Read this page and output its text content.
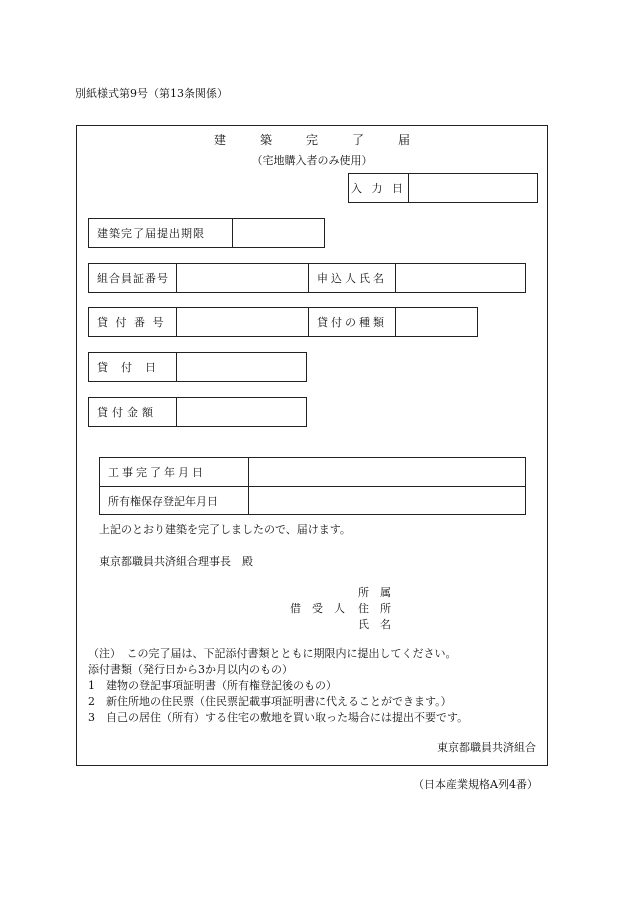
別紙様式第9号（第13条関係）
建	築	完	了	届
（宅地購入者のみ使用）
入 力 日
建築完了届提出期限
組合員証番号	申込人氏名
貸 付 番 号	貸付の種類
貸　付　日
貸付金額
工事完了年月日
所有権保存登記年月日
上記のとおり建築を完了しましたので、届けます。
東京都職員共済組合理事長　殿
所　属
借　受　人 住　所
氏　名
（注）　この完了届は、下記添付書類とともに期限内に提出してください。
添付書類（発行日から3か月以内のもの）
1　建物の登記事項証明書（所有権登記後のもの）
2　新住所地の住民票（住民票記載事項証明書に代えることができます。）
3　自己の居住（所有）する住宅の敷地を買い取った場合には提出不要です。
東京都職員共済組合
（日本産業規格A列4番）
